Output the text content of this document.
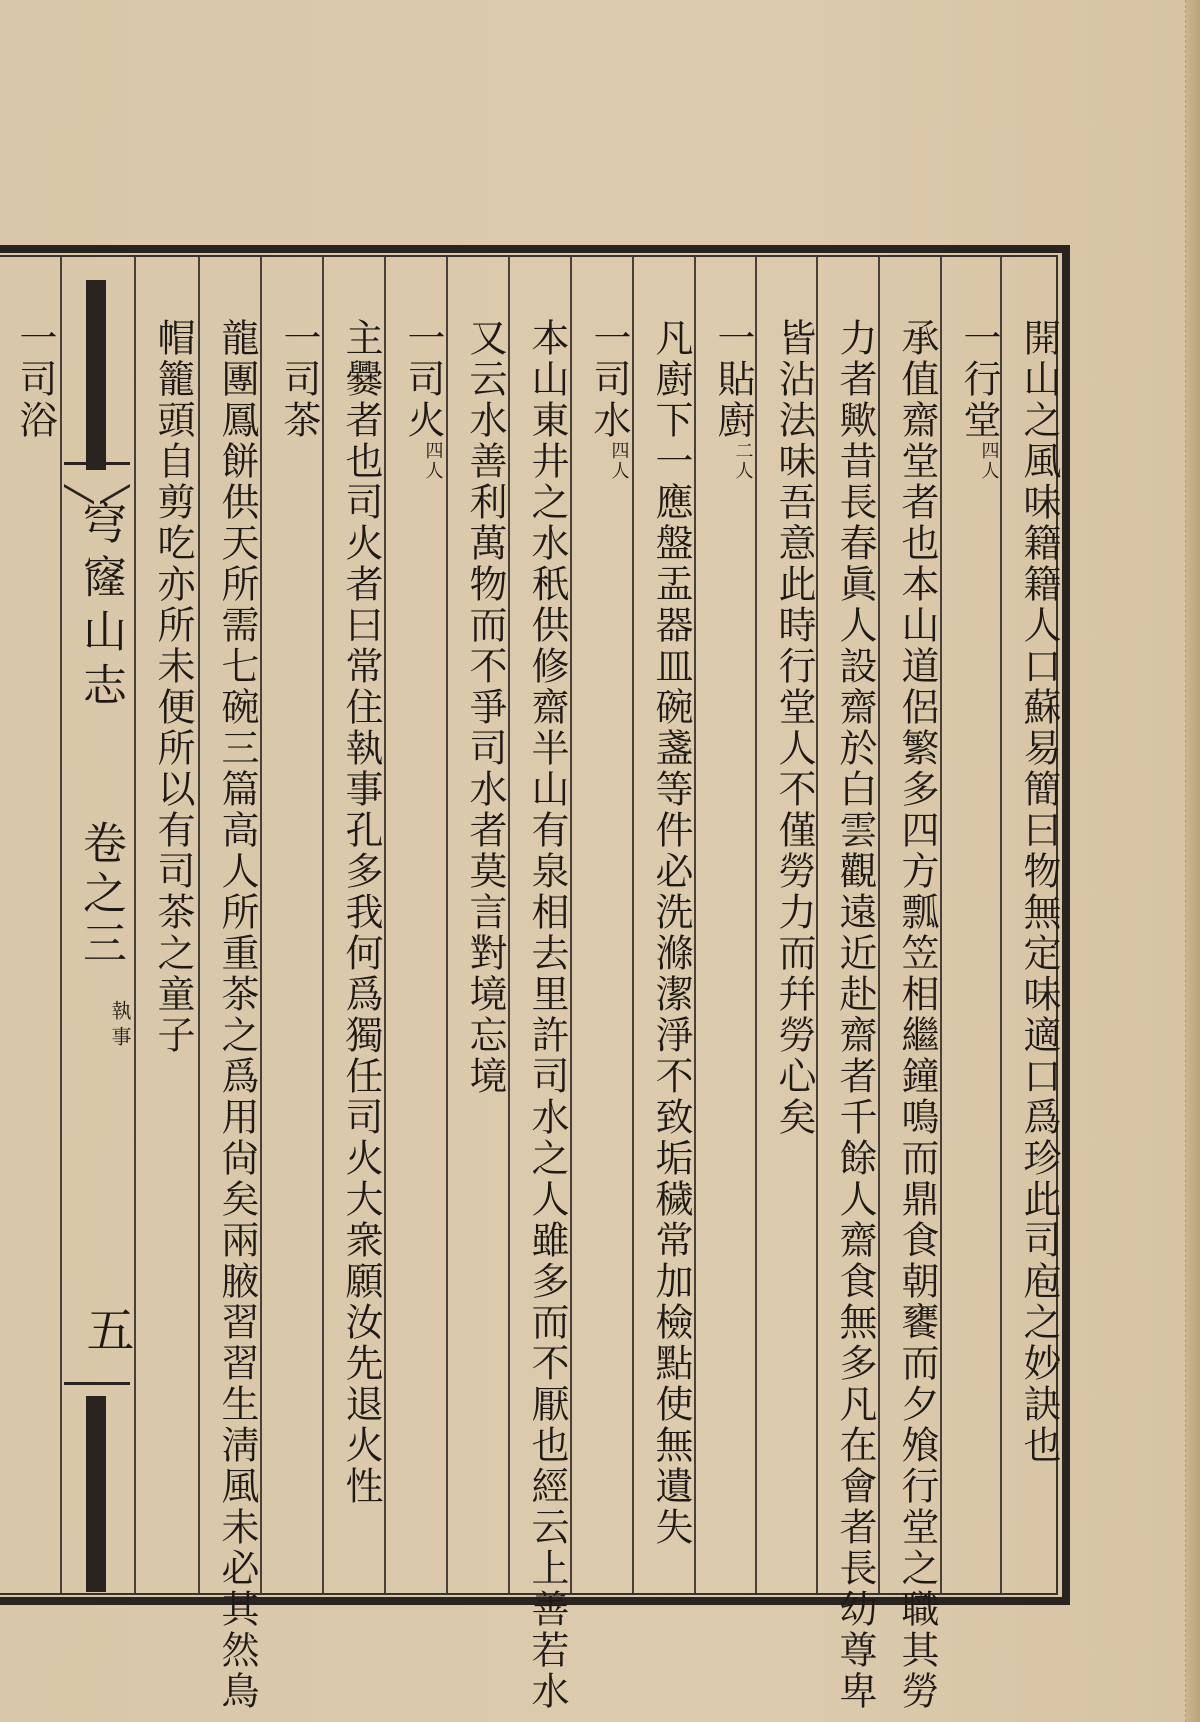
開山之風味籍籍人口蘇易簡曰物無定味適口爲珍此司庖之妙訣也
一行堂四人
承值齋堂者也本山道侶繁多四方瓢笠相繼鐘鳴而鼎食朝饔而夕飧行堂之職其勞
力者歟昔長春眞人設齋於白雲觀遠近赴齋者千餘人齋食無多凡在會者長幼尊卑
皆沾法味吾意此時行堂人不僅勞力而幷勞心矣
一貼廚二人
凡廚下一應盤盂器皿碗盞等件必洗滌潔淨不致垢穢常加檢點使無遺失
一司水四人
本山東井之水秖供修齋半山有泉相去里許司水之人雖多而不厭也經云上善若水
又云水善利萬物而不爭司水者莫言對境忘境
一司火四人
主爨者也司火者曰常住執事孔多我何爲獨任司火大衆願汝先退火性
一司茶
龍團鳳餅供天所需七碗三篇高人所重茶之爲用尙矣兩腋習習生淸風未必其然鳥
帽籠頭自剪吃亦所未便所以有司茶之童子
一司浴
穹窿山志
卷之三
執事
五
